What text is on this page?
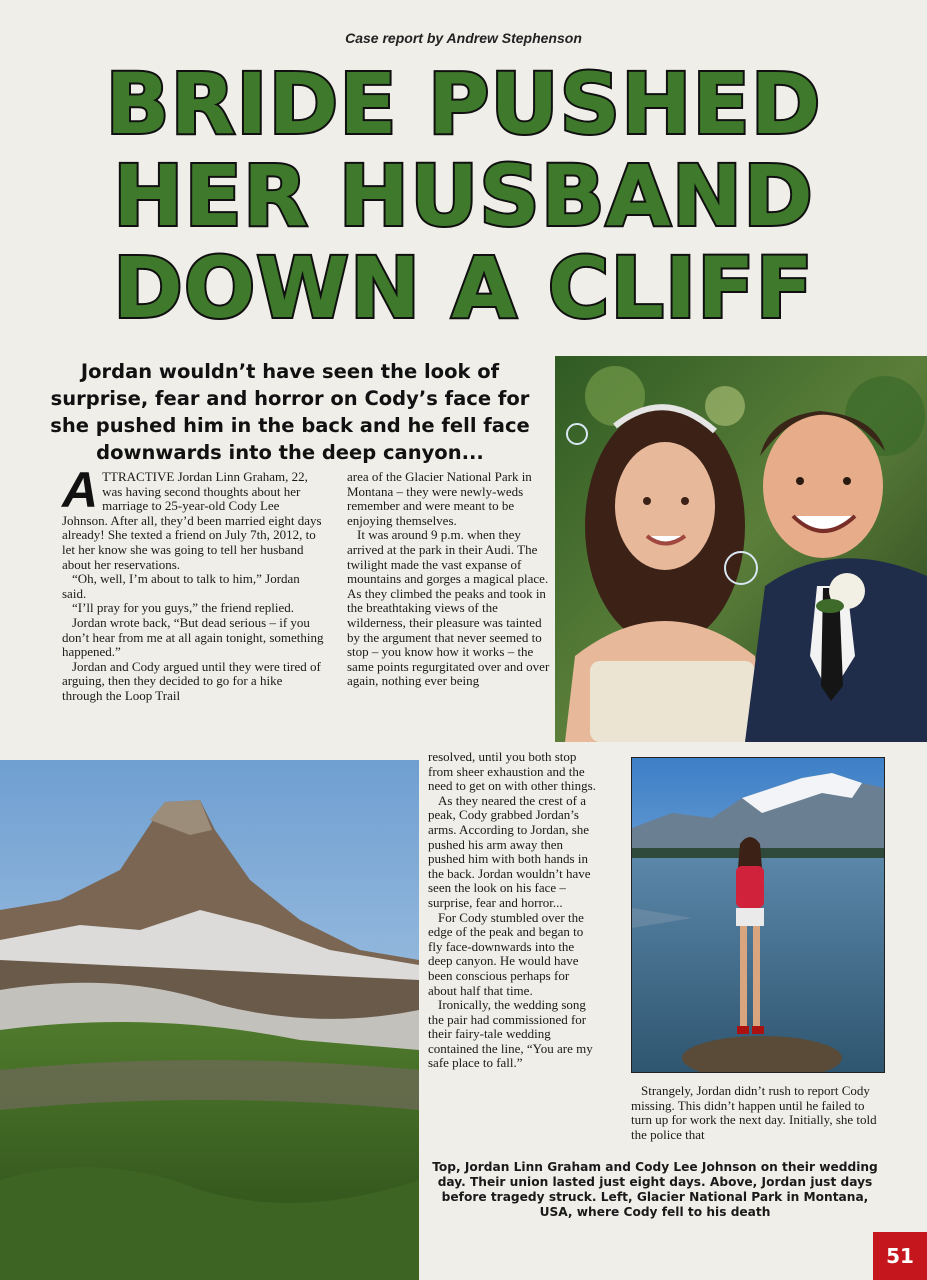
Case report by Andrew Stephenson
BRIDE PUSHED
HER HUSBAND
DOWN A CLIFF
Jordan wouldn’t have seen the look of surprise, fear and horror on Cody’s face for she pushed him in the back and he fell face downwards into the deep canyon...

ATTRACTIVE Jordan Linn Graham, 22, was having second thoughts about her marriage to 25-year-old Cody Lee Johnson. After all, they’d been married eight days already! She texted a friend on July 7th, 2012, to let her know she was going to tell her husband about her reservations.

“Oh, well, I’m about to talk to him,” Jordan said.

“I’ll pray for you guys,” the friend replied.

Jordan wrote back, “But dead serious – if you don’t hear from me at all again tonight, something happened.”

Jordan and Cody argued until they were tired of arguing, then they decided to go for a hike through the Loop Trail

area of the Glacier National Park in Montana – they were newly-weds remember and were meant to be enjoying themselves.

It was around 9 p.m. when they arrived at the park in their Audi. The twilight made the vast expanse of mountains and gorges a magical place.

As they climbed the peaks and took in the breathtaking views of the wilderness, their pleasure was tainted by the argument that never seemed to stop – you know how it works – the same points regurgitated over and over again, nothing ever being

resolved, until you both stop from sheer exhaustion and the need to get on with other things.

As they neared the crest of a peak, Cody grabbed Jordan’s arms. According to Jordan, she pushed his arm away then pushed him with both hands in the back. Jordan wouldn’t have seen the look on his face – surprise, fear and horror...

For Cody stumbled over the edge of the peak and began to fly face-downwards into the deep canyon. He would have been conscious perhaps for about half that time.

Ironically, the wedding song the pair had commissioned for their fairy-tale wedding contained the line, “You are my safe place to fall.”

Strangely, Jordan didn’t rush to report Cody missing. This didn’t happen until he failed to turn up for work the next day. Initially, she told the police that

Top, Jordan Linn Graham and Cody Lee Johnson on their wedding day. Their union lasted just eight days. Above, Jordan just days before tragedy struck. Left, Glacier National Park in Montana, USA, where Cody fell to his death
51
